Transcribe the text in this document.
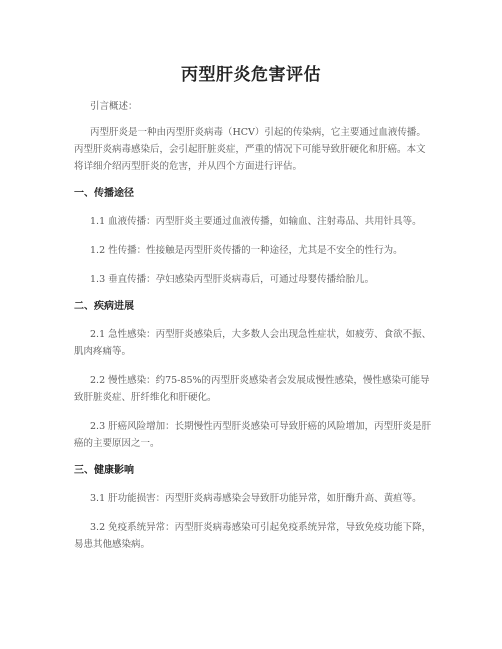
丙型肝炎危害评估

引言概述：

丙型肝炎是一种由丙型肝炎病毒（HCV）引起的传染病，它主要通过血液传播。丙型肝炎病毒感染后，会引起肝脏炎症，严重的情况下可能导致肝硬化和肝癌。本文将详细介绍丙型肝炎的危害，并从四个方面进行评估。

一、传播途径

1.1 血液传播：丙型肝炎主要通过血液传播，如输血、注射毒品、共用针具等。

1.2 性传播：性接触是丙型肝炎传播的一种途径，尤其是不安全的性行为。

1.3 垂直传播：孕妇感染丙型肝炎病毒后，可通过母婴传播给胎儿。

二、疾病进展

2.1 急性感染：丙型肝炎感染后，大多数人会出现急性症状，如疲劳、食欲不振、肌肉疼痛等。

2.2 慢性感染：约75-85%的丙型肝炎感染者会发展成慢性感染，慢性感染可能导致肝脏炎症、肝纤维化和肝硬化。

2.3 肝癌风险增加：长期慢性丙型肝炎感染可导致肝癌的风险增加，丙型肝炎是肝癌的主要原因之一。

三、健康影响

3.1 肝功能损害：丙型肝炎病毒感染会导致肝功能异常，如肝酶升高、黄疸等。

3.2 免疫系统异常：丙型肝炎病毒感染可引起免疫系统异常，导致免疫功能下降，易患其他感染病。
